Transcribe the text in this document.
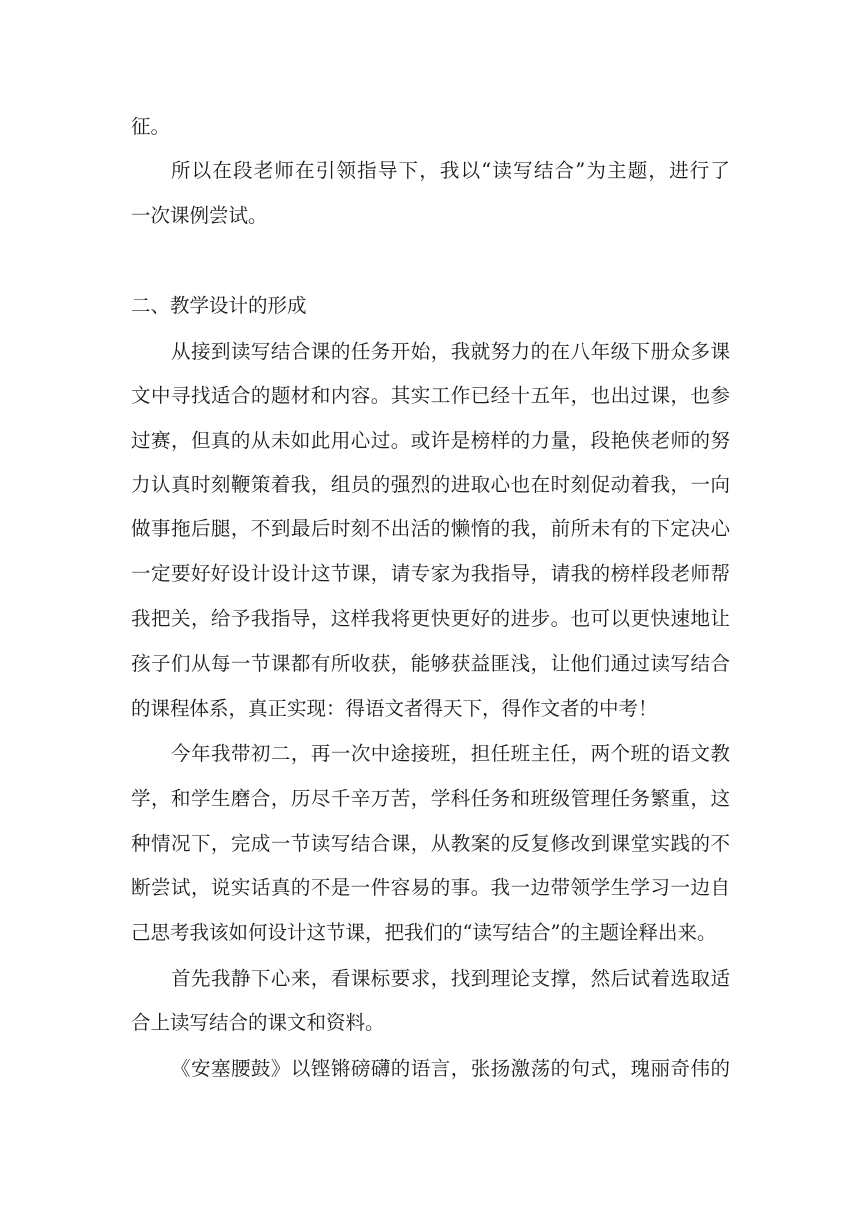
征。
所以在段老师在引领指导下，我以“读写结合”为主题，进行了
一次课例尝试。
二、教学设计的形成
从接到读写结合课的任务开始，我就努力的在八年级下册众多课
文中寻找适合的题材和内容。其实工作已经十五年，也出过课，也参
过赛，但真的从未如此用心过。或许是榜样的力量，段艳侠老师的努
力认真时刻鞭策着我，组员的强烈的进取心也在时刻促动着我，一向
做事拖后腿，不到最后时刻不出活的懒惰的我，前所未有的下定决心
一定要好好设计设计这节课，请专家为我指导，请我的榜样段老师帮
我把关，给予我指导，这样我将更快更好的进步。也可以更快速地让
孩子们从每一节课都有所收获，能够获益匪浅，让他们通过读写结合
的课程体系，真正实现：得语文者得天下，得作文者的中考！
今年我带初二，再一次中途接班，担任班主任，两个班的语文教
学，和学生磨合，历尽千辛万苦，学科任务和班级管理任务繁重，这
种情况下，完成一节读写结合课，从教案的反复修改到课堂实践的不
断尝试，说实话真的不是一件容易的事。我一边带领学生学习一边自
己思考我该如何设计这节课，把我们的“读写结合”的主题诠释出来。
首先我静下心来，看课标要求，找到理论支撑，然后试着选取适
合上读写结合的课文和资料。
《安塞腰鼓》以铿锵磅礴的语言，张扬激荡的句式，瑰丽奇伟的
